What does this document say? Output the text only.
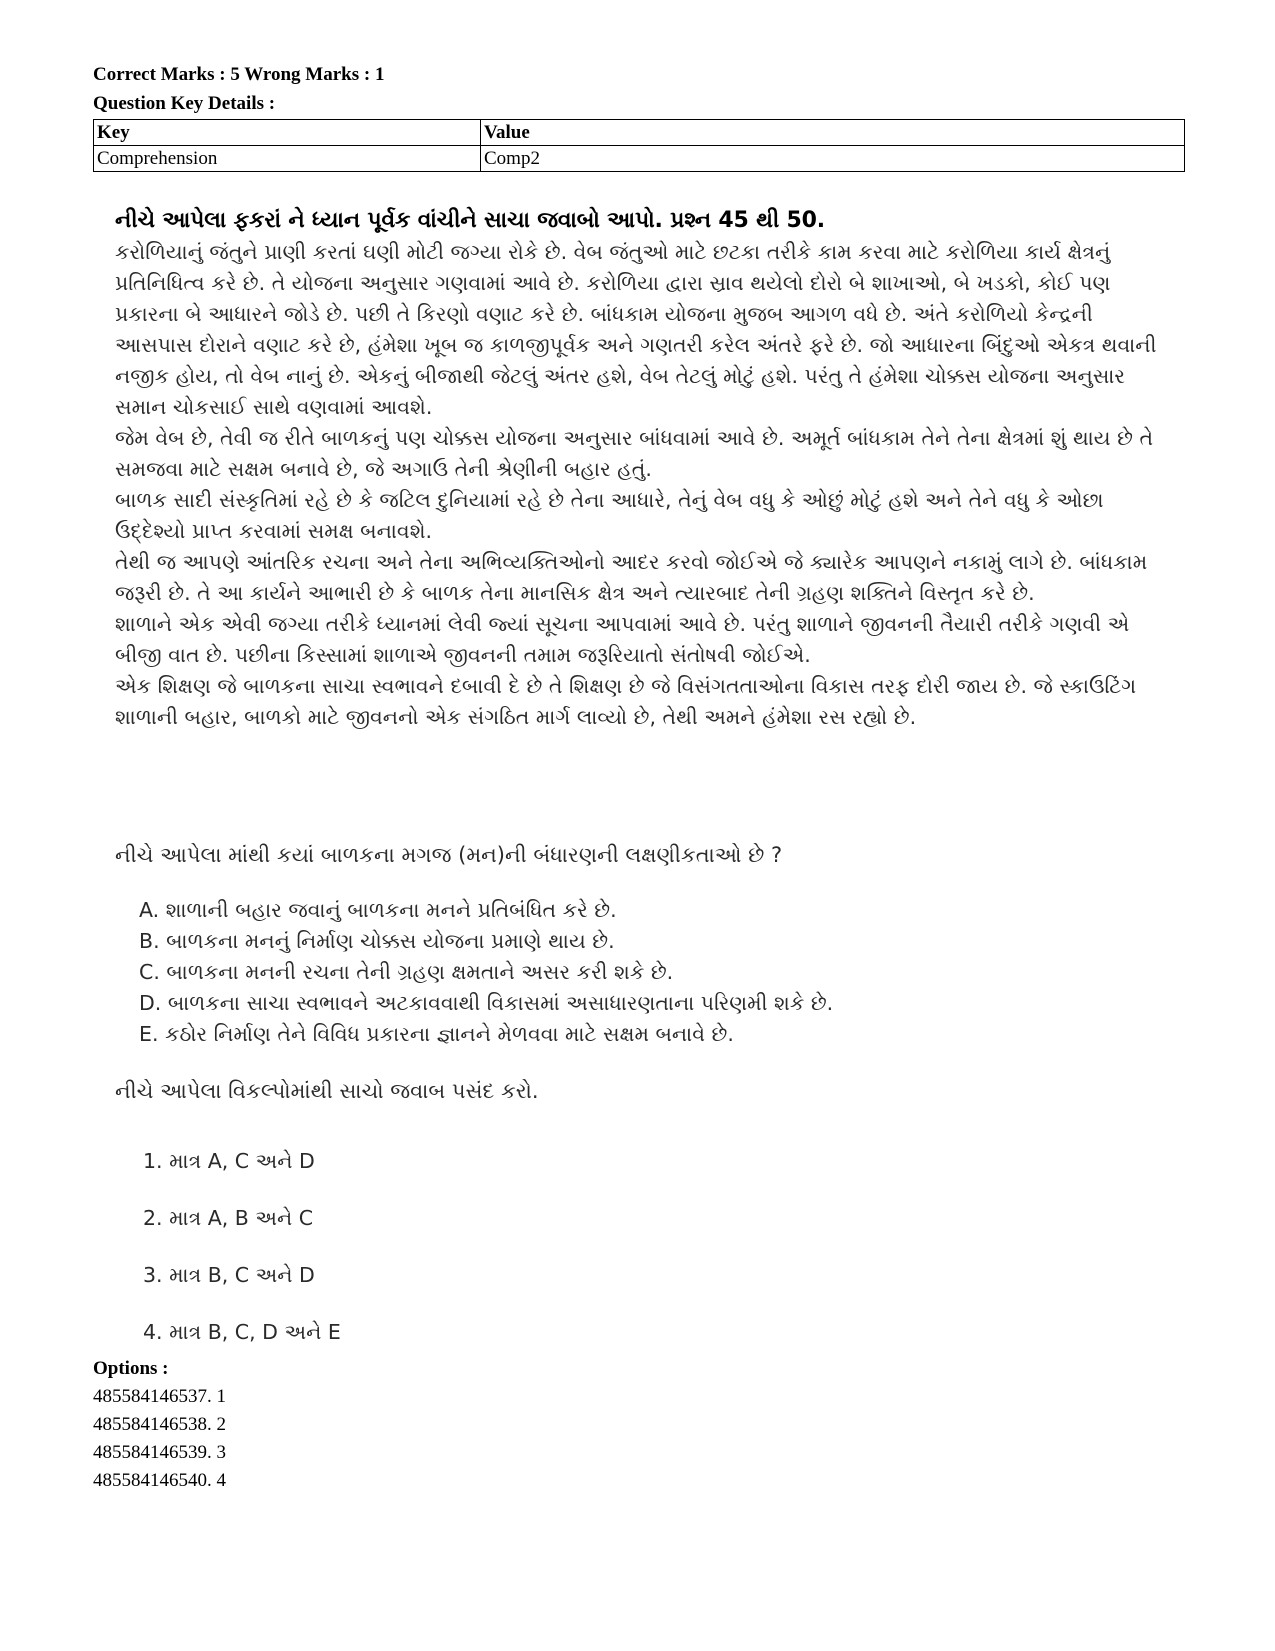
Correct Marks : 5 Wrong Marks : 1
Question Key Details :
Key	Value
Comprehension	Comp2
નીચે આપેલા ફકરાં ને ધ્યાન પૂર્વક વાંચીને સાચા જવાબો આપો. પ્રશ્ન 45 થી 50.

કરોળિયાનું જંતુને પ્રાણી કરતાં ઘણી મોટી જગ્યા રોકે છે. વેબ જંતુઓ માટે છટકા તરીકે કામ કરવા માટે કરોળિયા કાર્ય ક્ષેત્રનું પ્રતિનિધિત્વ કરે છે. તે યોજના અનુસાર ગણવામાં આવે છે. કરોળિયા દ્વારા સ્રાવ થયેલો દોરો બે શાખાઓ, બે ખડકો, કોઈ પણ પ્રકારના બે આધારને જોડે છે. પછી તે કિરણો વણાટ કરે છે. બાંધકામ યોજના મુજબ આગળ વધે છે. અંતે કરોળિયો કેન્દ્રની આસપાસ દોરાને વણાટ કરે છે, હંમેશા ખૂબ જ કાળજીપૂર્વક અને ગણતરી કરેલ અંતરે ફરે છે. જો આધારના બિંદુઓ એકત્ર થવાની નજીક હોય, તો વેબ નાનું છે. એકનું બીજાથી જેટલું અંતર હશે, વેબ તેટલું મોટું હશે. પરંતુ તે હંમેશા ચોક્કસ યોજના અનુસાર સમાન ચોકસાઈ સાથે વણવામાં આવશે.

જેમ વેબ છે, તેવી જ રીતે બાળકનું પણ ચોક્કસ યોજના અનુસાર બાંધવામાં આવે છે. અમૂર્ત બાંધકામ તેને તેના ક્ષેત્રમાં શું થાય છે તે સમજવા માટે સક્ષમ બનાવે છે, જે અગાઉ તેની શ્રેણીની બહાર હતું.

બાળક સાદી સંસ્કૃતિમાં રહે છે કે જટિલ દુનિયામાં રહે છે તેના આધારે, તેનું વેબ વધુ કે ઓછું મોટું હશે અને તેને વધુ કે ઓછા ઉદ્દેશ્યો પ્રાપ્ત કરવામાં સમક્ષ બનાવશે.

તેથી જ આપણે આંતરિક રચના અને તેના અભિવ્યક્તિઓનો આદર કરવો જોઈએ જે ક્યારેક આપણને નકામું લાગે છે. બાંધકામ જરૂરી છે. તે આ કાર્યને આભારી છે કે બાળક તેના માનસિક ક્ષેત્ર અને ત્યારબાદ તેની ગ્રહણ શક્તિને વિસ્તૃત કરે છે.

શાળાને એક એવી જગ્યા તરીકે ધ્યાનમાં લેવી જ્યાં સૂચના આપવામાં આવે છે. પરંતુ શાળાને જીવનની તૈયારી તરીકે ગણવી એ બીજી વાત છે. પછીના કિસ્સામાં શાળાએ જીવનની તમામ જરૂરિયાતો સંતોષવી જોઈએ.

એક શિક્ષણ જે બાળકના સાચા સ્વભાવને દબાવી દે છે તે શિક્ષણ છે જે વિસંગતતાઓના વિકાસ તરફ દોરી જાય છે. જે સ્કાઉટિંગ શાળાની બહાર, બાળકો માટે જીવનનો એક સંગઠિત માર્ગ લાવ્યો છે, તેથી અમને હંમેશા રસ રહ્યો છે.

નીચે આપેલા માંથી કયાં બાળકના મગજ (મન)ની બંધારણની લક્ષણીકતાઓ છે ?
A. શાળાની બહાર જવાનું બાળકના મનને પ્રતિબંધિત કરે છે.
B. બાળકના મનનું નિર્માણ ચોક્કસ યોજના પ્રમાણે થાય છે.
C. બાળકના મનની રચના તેની ગ્રહણ ક્ષમતાને અસર કરી શકે છે.
D. બાળકના સાચા સ્વભાવને અટકાવવાથી વિકાસમાં અસાધારણતાના પરિણમી શકે છે.
E. કઠોર નિર્માણ તેને વિવિધ પ્રકારના જ્ઞાનને મેળવવા માટે સક્ષમ બનાવે છે.
નીચે આપેલા વિકલ્પોમાંથી સાચો જવાબ પસંદ કરો.
1. માત્ર A, C અને D
2. માત્ર A, B અને C
3. માત્ર B, C અને D
4. માત્ર B, C, D અને E
Options :
485584146537. 1
485584146538. 2
485584146539. 3
485584146540. 4
